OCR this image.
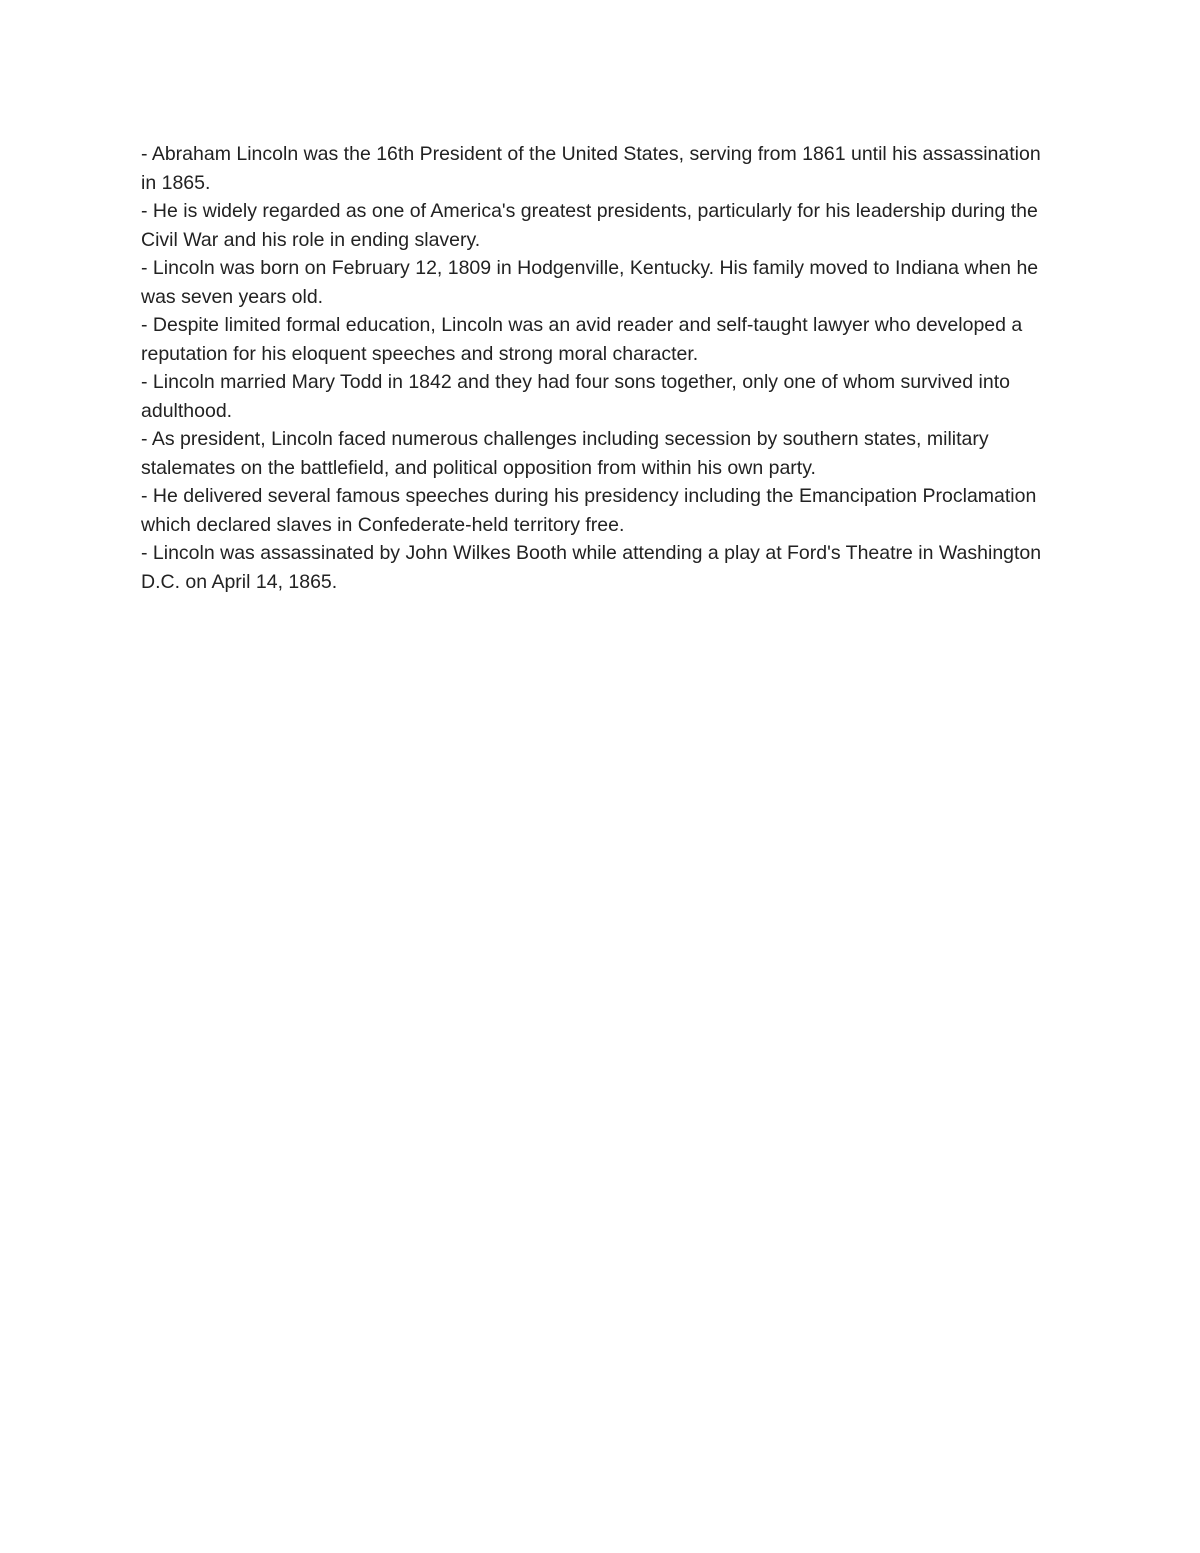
- Abraham Lincoln was the 16th President of the United States, serving from 1861 until his assassination in 1865.

- He is widely regarded as one of America's greatest presidents, particularly for his leadership during the Civil War and his role in ending slavery.

- Lincoln was born on February 12, 1809 in Hodgenville, Kentucky. His family moved to Indiana when he was seven years old.

- Despite limited formal education, Lincoln was an avid reader and self-taught lawyer who developed a reputation for his eloquent speeches and strong moral character.

- Lincoln married Mary Todd in 1842 and they had four sons together, only one of whom survived into adulthood.

- As president, Lincoln faced numerous challenges including secession by southern states, military stalemates on the battlefield, and political opposition from within his own party.

- He delivered several famous speeches during his presidency including the Emancipation Proclamation which declared slaves in Confederate-held territory free.

- Lincoln was assassinated by John Wilkes Booth while attending a play at Ford's Theatre in Washington D.C. on April 14, 1865.
